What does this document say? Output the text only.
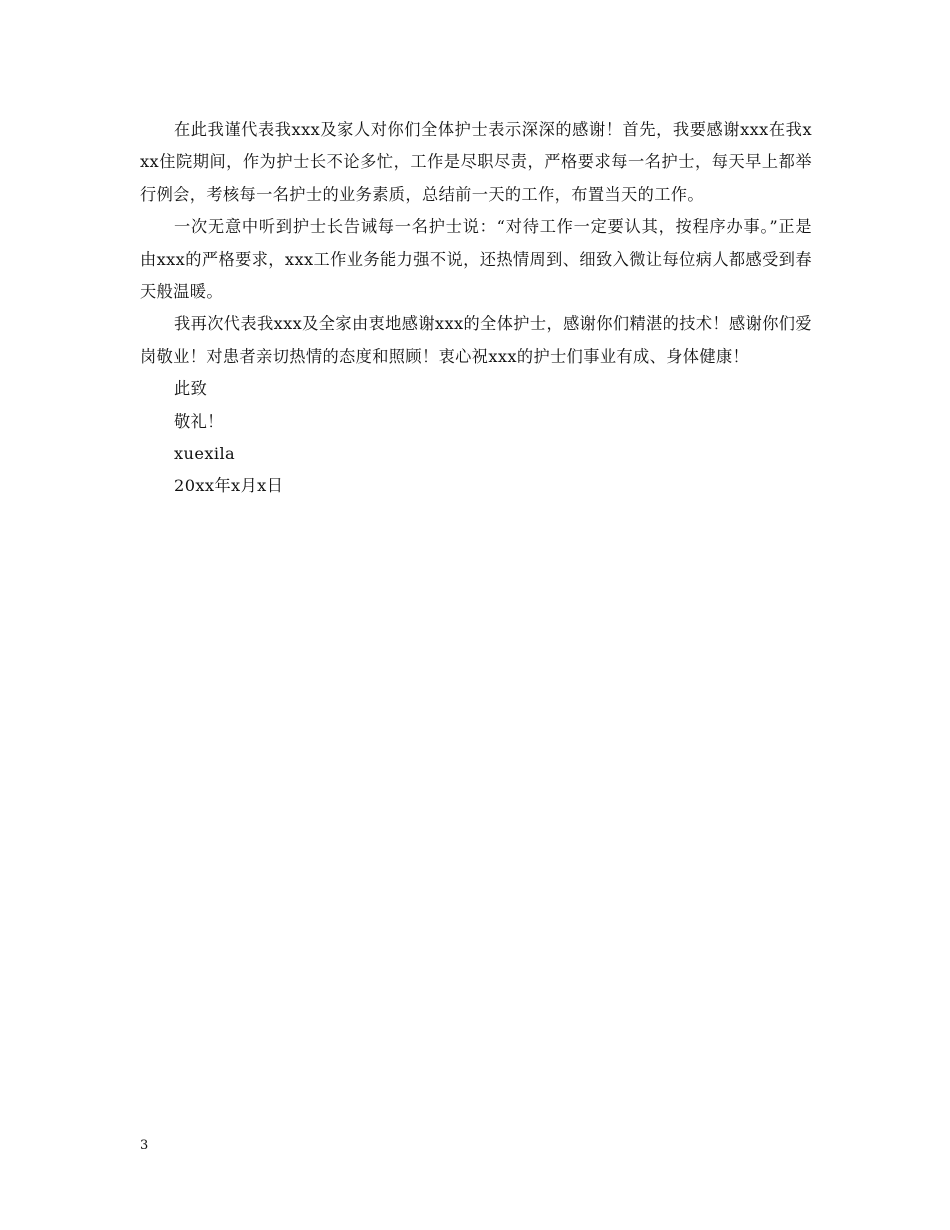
在此我谨代表我xxx及家人对你们全体护士表示深深的感谢！首先，我要感谢xxx在我xxx住院期间，作为护士长不论多忙，工作是尽职尽责，严格要求每一名护士，每天早上都举行例会，考核每一名护士的业务素质，总结前一天的工作，布置当天的工作。

一次无意中听到护士长告诫每一名护士说：“对待工作一定要认其，按程序办事。”正是由xxx的严格要求，xxx工作业务能力强不说，还热情周到、细致入微让每位病人都感受到春天般温暖。

我再次代表我xxx及全家由衷地感谢xxx的全体护士，感谢你们精湛的技术！感谢你们爱岗敬业！对患者亲切热情的态度和照顾！衷心祝xxx的护士们事业有成、身体健康！

此致

敬礼！

xuexila

20xx年x月x日

3
